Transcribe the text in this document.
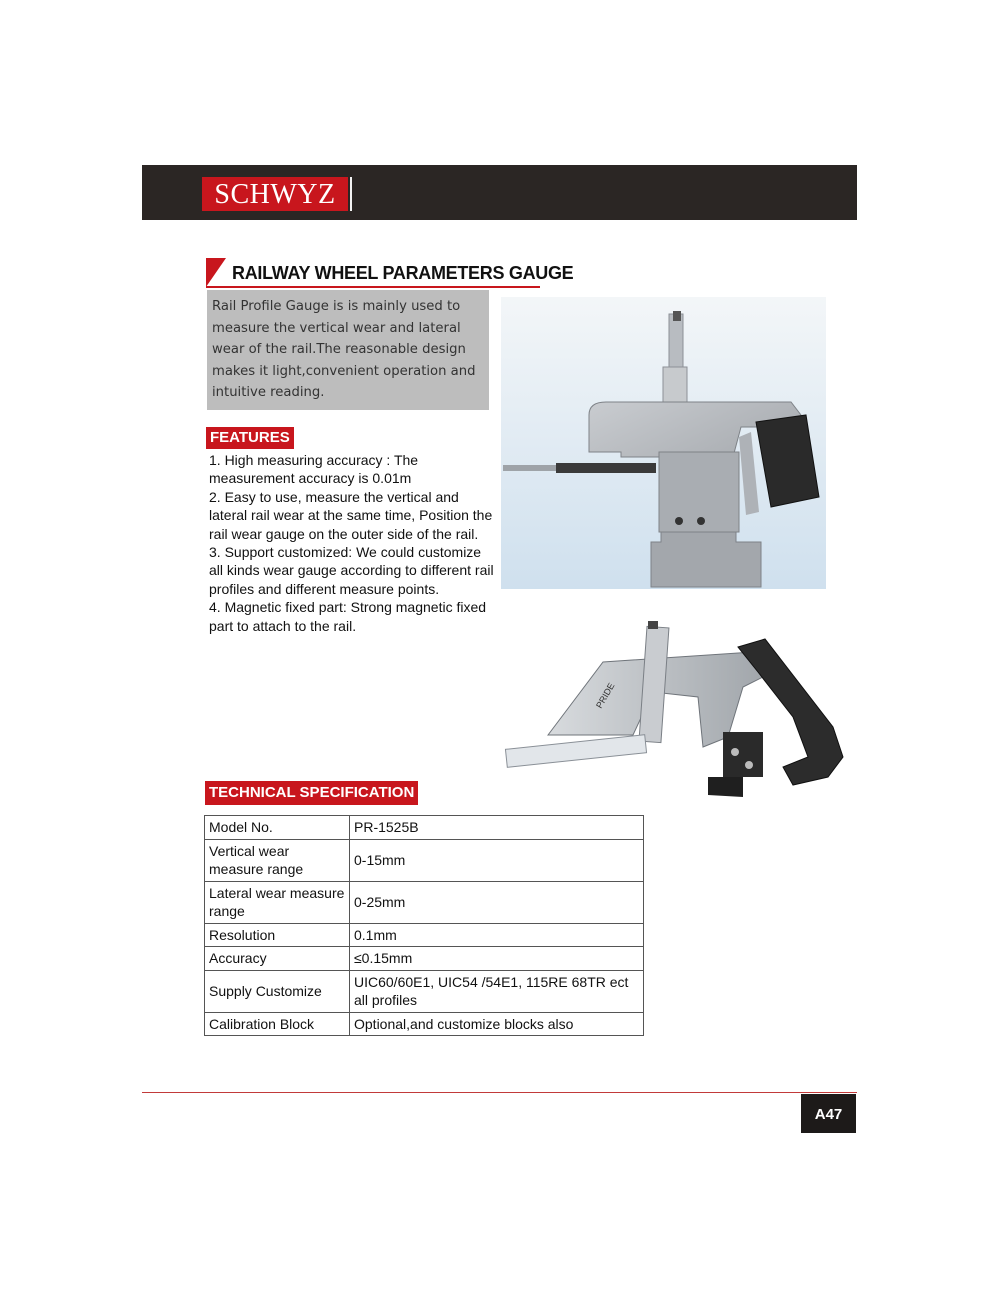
SCHWYZ
RAILWAY WHEEL PARAMETERS GAUGE
Rail Profile Gauge is is mainly used to measure the vertical wear and lateral wear of the rail.The reasonable design makes it light,convenient operation and intuitive reading.
FEATURES

1. High measuring accuracy : The measurement accuracy is 0.01m

2. Easy to use, measure the vertical and lateral rail wear at the same time, Position the rail wear gauge on the outer side of the rail.

3. Support customized: We could customize all kinds wear gauge according to different rail profiles and different measure points.

4. Magnetic fixed part: Strong magnetic fixed part to attach to the rail.

PRIDE
TECHNICAL SPECIFICATION
Model No.	PR-1525B
Vertical wear measure range	0-15mm
Lateral wear measure range	0-25mm
Resolution	0.1mm
Accuracy	≤0.15mm
Supply Customize	UIC60/60E1, UIC54 /54E1, 115RE 68TR ect all profiles
Calibration Block	Optional,and customize blocks also
A47
